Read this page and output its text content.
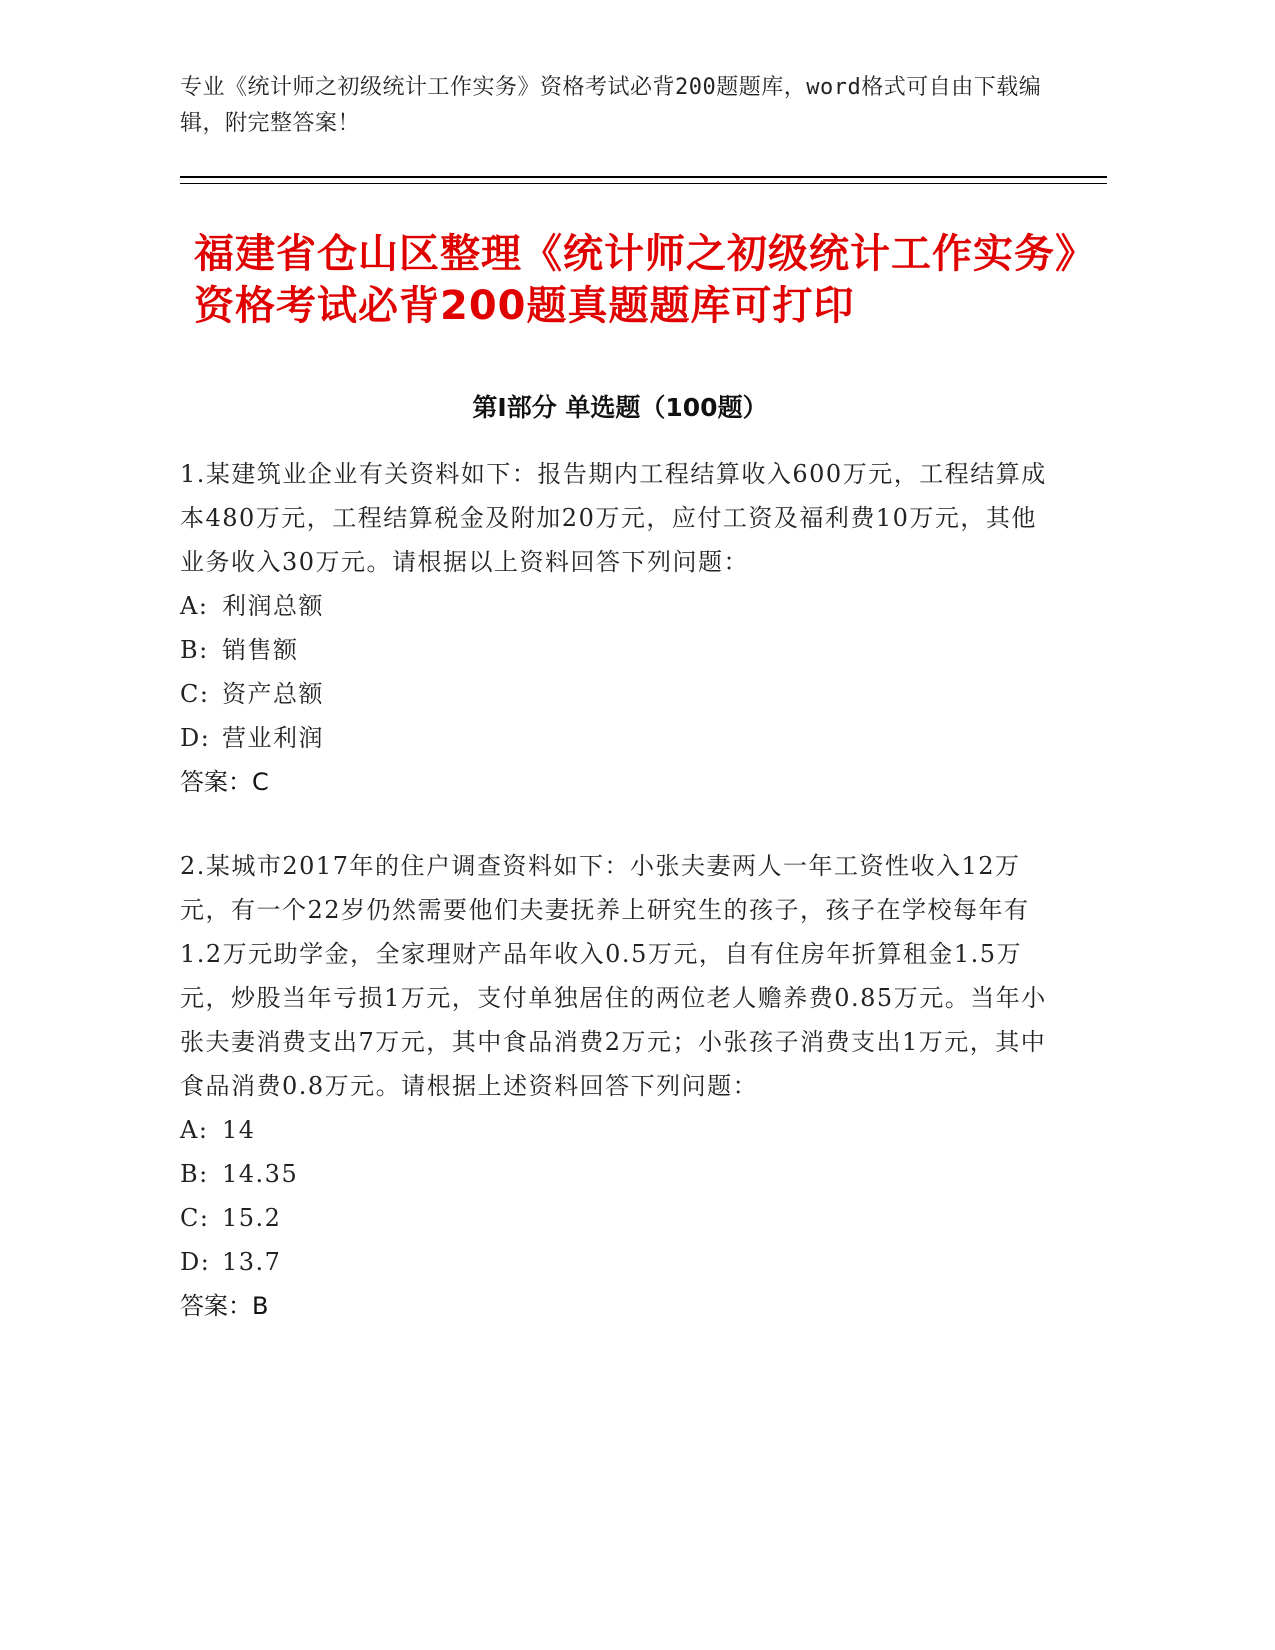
专业《统计师之初级统计工作实务》资格考试必背200题题库，word格式可自由下载编辑，附完整答案！
福建省仓山区整理《统计师之初级统计工作实务》资格考试必背200题真题题库可打印
第Ⅰ部分 单选题（100题）

1.某建筑业企业有关资料如下：报告期内工程结算收入600万元，工程结算成本480万元，工程结算税金及附加20万元，应付工资及福利费10万元，其他业务收入30万元。请根据以上资料回答下列问题：

A: 利润总额

B: 销售额

C: 资产总额

D: 营业利润

答案：C

2.某城市2017年的住户调查资料如下：小张夫妻两人一年工资性收入12万元，有一个22岁仍然需要他们夫妻抚养上研究生的孩子，孩子在学校每年有1.2万元助学金，全家理财产品年收入0.5万元，自有住房年折算租金1.5万元，炒股当年亏损1万元，支付单独居住的两位老人赡养费0.85万元。当年小张夫妻消费支出7万元，其中食品消费2万元；小张孩子消费支出1万元，其中食品消费0.8万元。请根据上述资料回答下列问题：

A: 14

B: 14.35

C: 15.2

D: 13.7

答案：B
